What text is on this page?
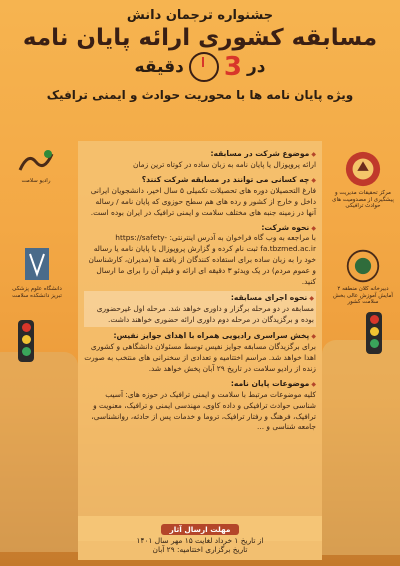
جشنواره ترجمان دانش
مسابقه کشوری ارائه پایان نامه
دقیقه 3 در
ویژه پایان نامه ها با محوریت حوادث و ایمنی ترافیک
مرکز تحقیقات مدیریت و پیشگیری از مصدومیت های حوادث ترافیکی
دبیرخانه کلان منطقه ۲ آمایش آموزش عالی بخش سلامت کشور
رادیو سلامت
دانشگاه علوم پزشکی تبریز دانشکده سلامت
◆ موضوع شرکت در مسابقه:
ارائه پروپوزال یا پایان نامه به زبان ساده در کوتاه ترین زمان
◆ چه کسانی می توانند در مسابقه شرکت کنند؟
فارغ التحصیلان دوره های تحصیلات تکمیلی ۵ سال اخیر، دانشجویان ایرانی داخل و خارج از کشور و رده های هم سطح حوزوی که پایان نامه / رساله آنها در زمینه جنبه های مختلف سلامت و ایمنی ترافیک در ایران بوده است.
◆ نحوه شرکت:
با مراجعه به وب گاه فراخوان به آدرس اینترنتی: https://safety-fa.tbzmed.ac.ir ثبت نام کرده و گزارش پروپوزال یا پایان نامه یا رساله خود را به زبان ساده برای استفاده کنندگان از یافته ها (مدیران، کارشناسان و عموم مردم) در یک ویدئو ۳ دقیقه ای ارائه و فیلم آن را برای ما ارسال کنید.
◆ نحوه اجرای مسابقه:
مسابقه در دو مرحله برگزار و داوری خواهد شد. مرحله اول غیرحضوری بوده و برگزیدگان در مرحله دوم داوری ارائه حضوری خواهند داشت.
◆ پخش سراسری رادیویی همراه با اهدای جوایز نفیس:
برای برگزیدگان مسابقه جوایز نفیس توسط مسئولان دانشگاهی و کشوری اهدا خواهد شد. مراسم اختتامیه و تعدادی از سخنرانی های منتخب به صورت زنده از رادیو سلامت در تاریخ ۲۹ آبان پخش خواهد شد.
◆ موضوعات پایان نامه:
کلیه موضوعات مرتبط با سلامت و ایمنی ترافیک در حوزه های: آسیب شناسی حوادث ترافیکی و داده کاوی، مهندسی ایمنی و ترافیک، معنویت و ترافیک، فرهنگ و رفتار ترافیک، تروما و خدمات پس از حادثه، روانشناسی، جامعه شناسی و ...
مهلت ارسال آثار
از تاریخ ۱ خرداد لغایت ۱۵ مهر سال ۱۴۰۱
تاریخ برگزاری اختتامیه: ۲۹ آبان
